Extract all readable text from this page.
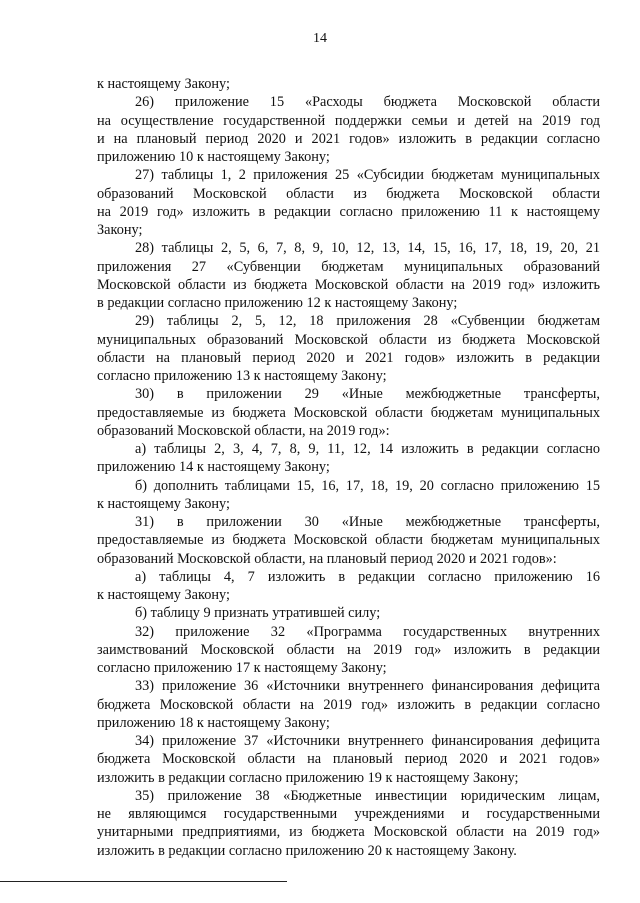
14
к настоящему Закону;
26) приложение 15 «Расходы бюджета Московской области
на осуществление государственной поддержки семьи и детей на 2019 год
и на плановый период 2020 и 2021 годов» изложить в редакции согласно
приложению 10 к настоящему Закону;
27) таблицы 1, 2 приложения 25 «Субсидии бюджетам муниципальных
образований Московской области из бюджета Московской области
на 2019 год» изложить в редакции согласно приложению 11 к настоящему
Закону;
28) таблицы 2, 5, 6, 7, 8, 9, 10, 12, 13, 14, 15, 16, 17, 18, 19, 20, 21
приложения 27 «Субвенции бюджетам муниципальных образований
Московской области из бюджета Московской области на 2019 год» изложить
в редакции согласно приложению 12 к настоящему Закону;
29) таблицы 2, 5, 12, 18 приложения 28 «Субвенции бюджетам
муниципальных образований Московской области из бюджета Московской
области на плановый период 2020 и 2021 годов» изложить в редакции
согласно приложению 13 к настоящему Закону;
30) в приложении 29 «Иные межбюджетные трансферты,
предоставляемые из бюджета Московской области бюджетам муниципальных
образований Московской области, на 2019 год»:
а) таблицы 2, 3, 4, 7, 8, 9, 11, 12, 14 изложить в редакции согласно
приложению 14 к настоящему Закону;
б) дополнить таблицами 15, 16, 17, 18, 19, 20 согласно приложению 15
к настоящему Закону;
31) в приложении 30 «Иные межбюджетные трансферты,
предоставляемые из бюджета Московской области бюджетам муниципальных
образований Московской области, на плановый период 2020 и 2021 годов»:
а) таблицы 4, 7 изложить в редакции согласно приложению 16
к настоящему Закону;
б) таблицу 9 признать утратившей силу;
32) приложение 32 «Программа государственных внутренних
заимствований Московской области на 2019 год» изложить в редакции
согласно приложению 17 к настоящему Закону;
33) приложение 36 «Источники внутреннего финансирования дефицита
бюджета Московской области на 2019 год» изложить в редакции согласно
приложению 18 к настоящему Закону;
34) приложение 37 «Источники внутреннего финансирования дефицита
бюджета Московской области на плановый период 2020 и 2021 годов»
изложить в редакции согласно приложению 19 к настоящему Закону;
35) приложение 38 «Бюджетные инвестиции юридическим лицам,
не являющимся государственными учреждениями и государственными
унитарными предприятиями, из бюджета Московской области на 2019 год»
изложить в редакции согласно приложению 20 к настоящему Закону.
